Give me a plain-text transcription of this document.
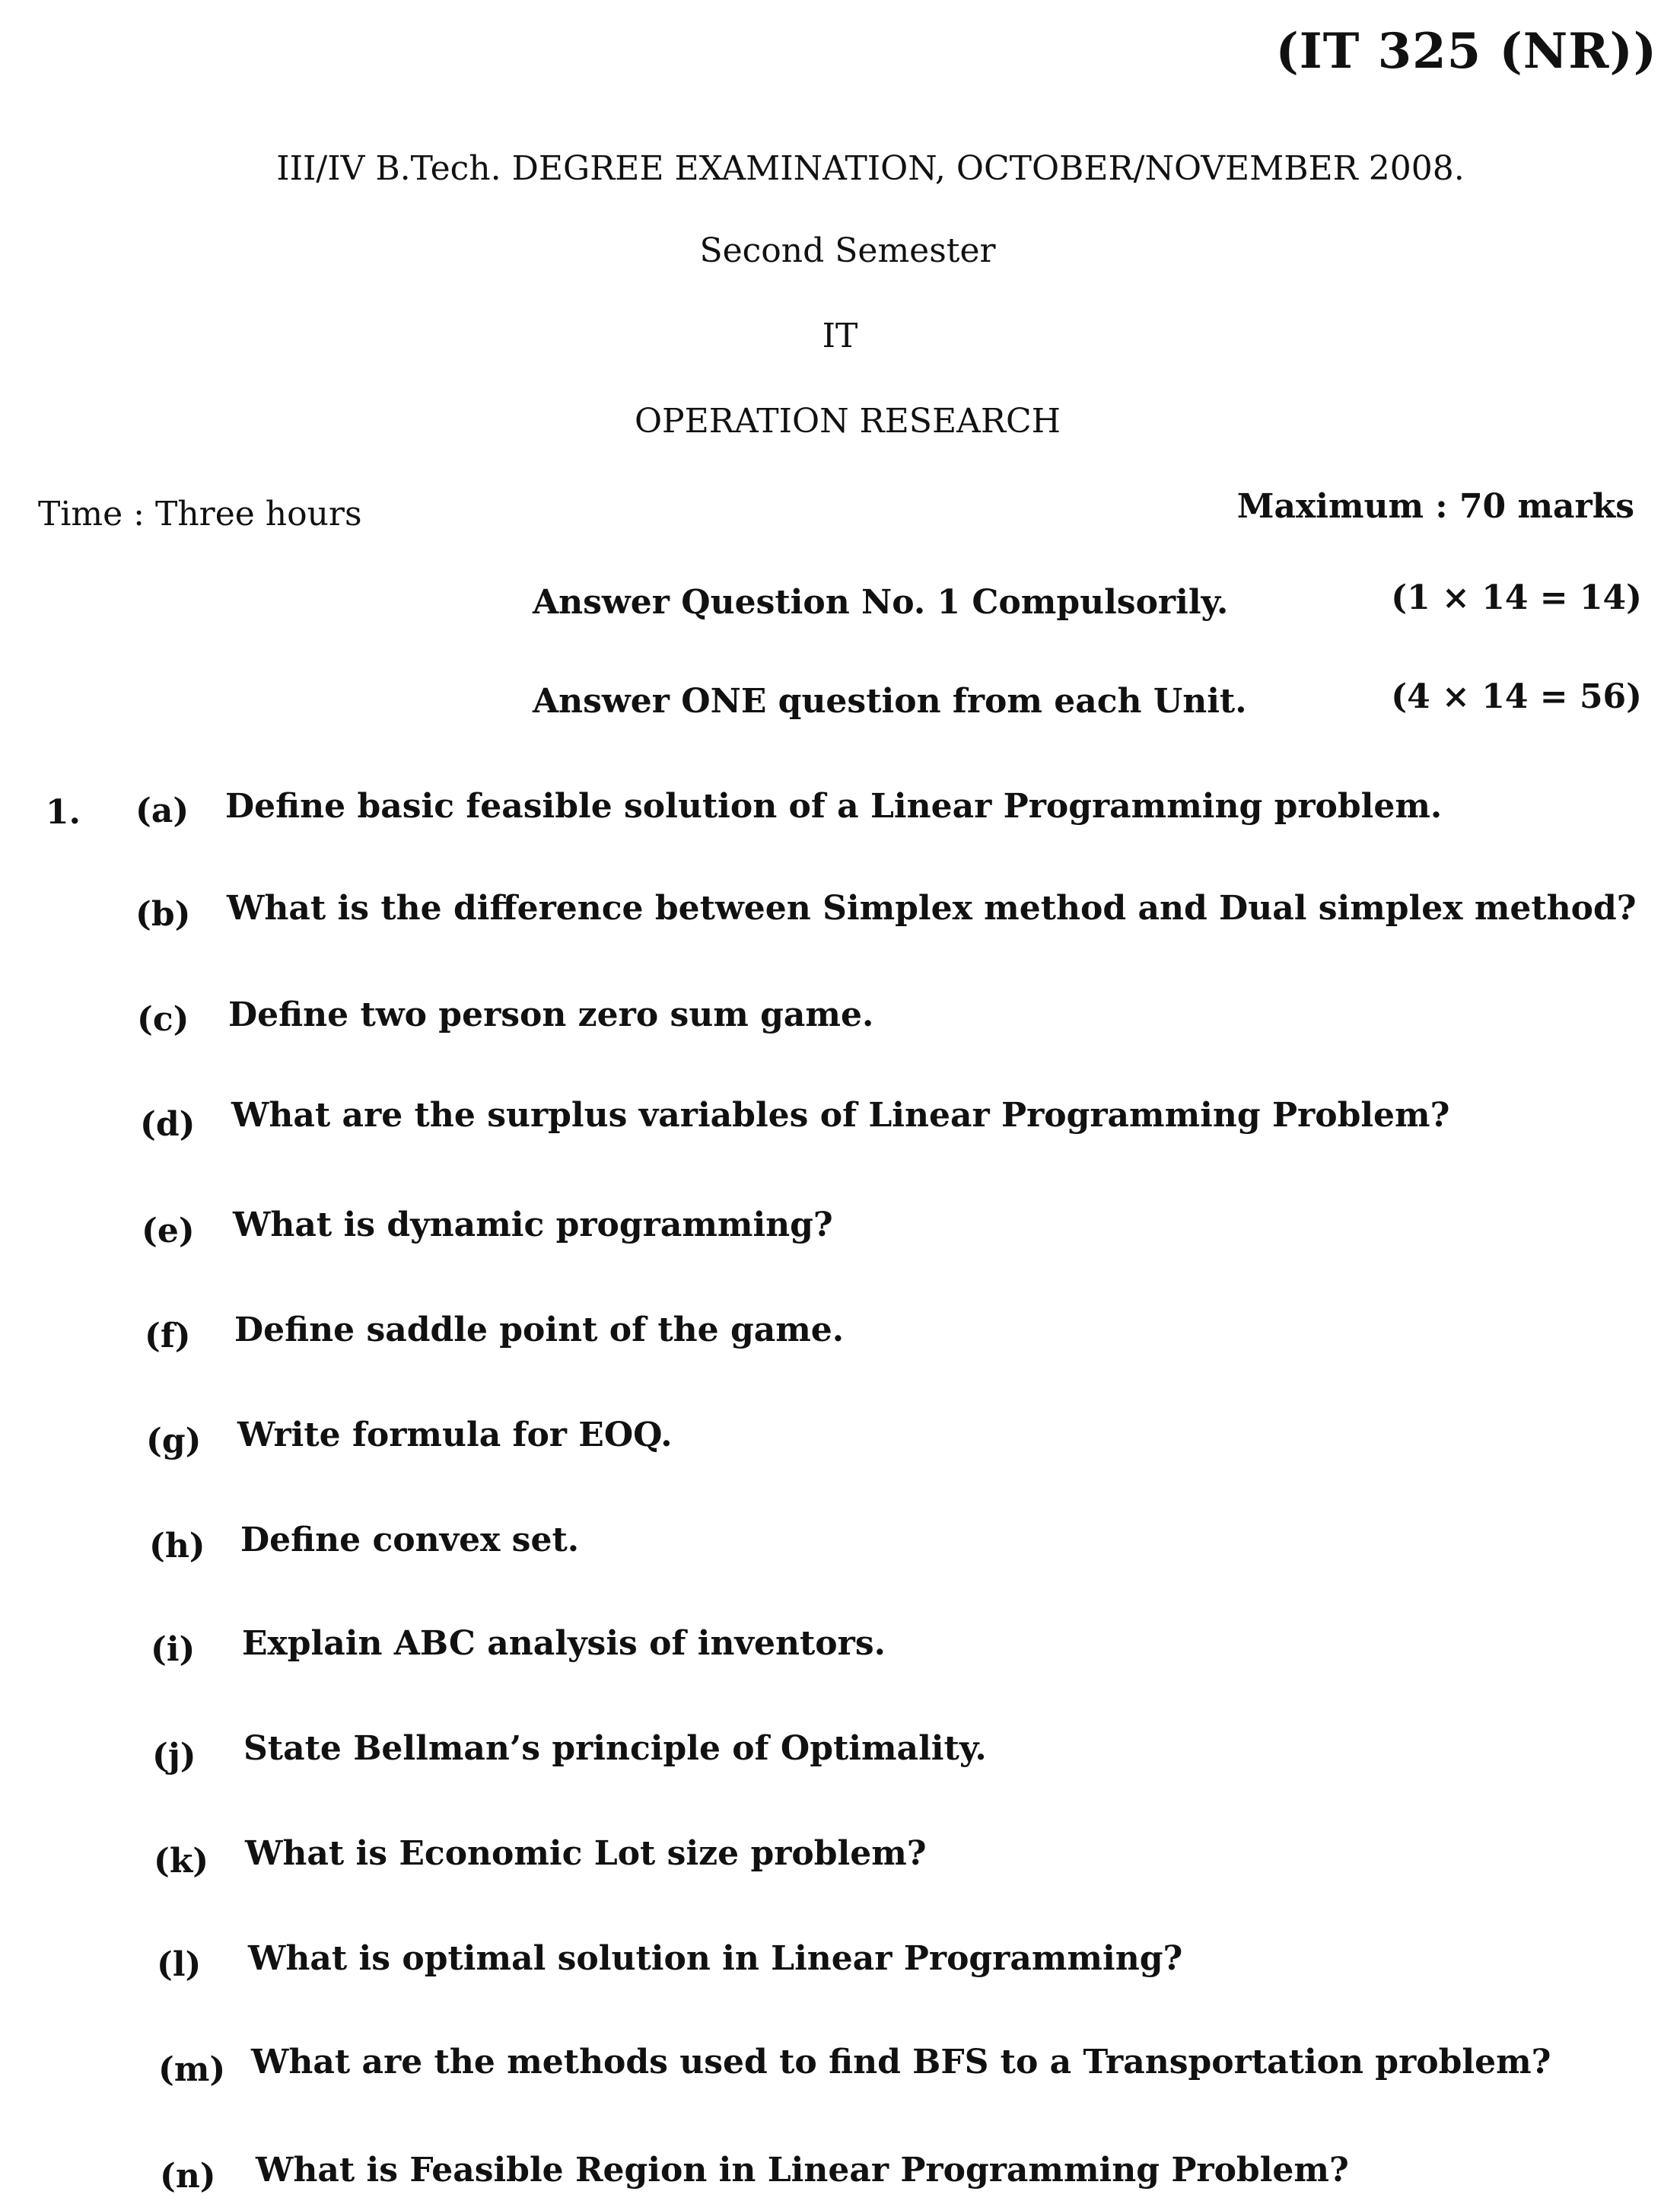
(IT 325 (NR))
III/IV B.Tech. DEGREE EXAMINATION, OCTOBER/NOVEMBER 2008.
Second Semester
IT
OPERATION RESEARCH
Time : Three hours	Maximum : 70 marks
Answer Question No. 1 Compulsorily.	(1 × 14 = 14)
Answer ONE question from each Unit.	(4 × 14 = 56)
1. (a) Define basic feasible solution of a Linear Programming problem.
(b) What is the difference between Simplex method and Dual simplex method?
(c) Define two person zero sum game.
(d) What are the surplus variables of Linear Programming Problem?
(e) What is dynamic programming?
(f) Define saddle point of the game.
(g) Write formula for EOQ.
(h) Define convex set.
(i) Explain ABC analysis of inventors.
(j) State Bellman’s principle of Optimality.
(k) What is Economic Lot size problem?
(l) What is optimal solution in Linear Programming?
(m) What are the methods used to find BFS to a Transportation problem?
(n) What is Feasible Region in Linear Programming Problem?
